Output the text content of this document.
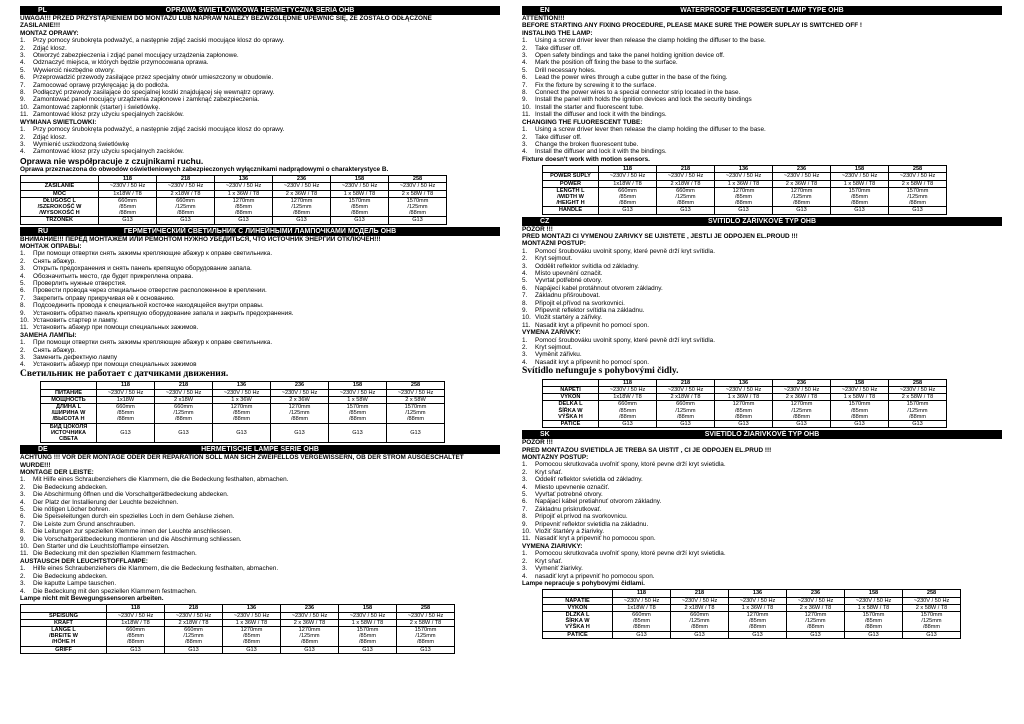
PL	OPRAWA ŚWIETLÓWKOWA HERMETYCZNA SERIA OHB
UWAGA!!! PRZED PRZYSTĄPIENIEM DO MONTAŻU LUB NAPRAW NALEŻY BEZWZGLĘDNIE UPEWNIĆ SIĘ, ŻE ZOSTAŁO ODŁĄCZONE
ZASILANIE!!!
MONTAŻ OPRAWY:
1.	Przy pomocy śrubokręta podważyć, a następnie zdjąć zaciski mocujące klosz do oprawy.
2.	Zdjąć klosz.
3.	Otworzyć zabezpieczenia i zdjąć panel mocujący urządzenia zapłonowe.
4.	Odznaczyć miejsca, w których będzie przymocowana oprawa.
5.	Wywiercić niezbędne otwory.
6.	Przeprowadzić przewody zasilające przez specjalny otwór umieszczony w obudowie.
7.	Zamocować oprawę przykręcając ją do podłoża.
8.	Podłączyć przewody zasilające do specjalnej kostki znajdującej się wewnątrz oprawy.
9.	Zamontować panel mocujący urządzenia zapłonowe i zamknąć zabezpieczenia.
10. Zamontować zapłonnik (starter) i świetlówkę.
11. Zamontować klosz przy użyciu specjalnych zacisków.
WYMIANA ŚWIETLÓWKI:
1.	Przy pomocy śrubokręta podważyć, a następnie zdjąć zaciski mocujące klosz do oprawy.
2.	Zdjąć klosz.
3.	Wymienić uszkodzoną świetlówkę
4.	Zamontować klosz przy użyciu specjalnych zacisków.
Oprawa nie współpracuje z czujnikami ruchu.
Oprawa przeznaczona do obwodów oświetleniowych zabezpieczonych wyłącznikami nadprądowymi o charakterystyce B.
	118	218	136	236	158	258
ZASILANIE	~230V / 50 Hz	~230V / 50 Hz	~230V / 50 Hz	~230V / 50 Hz	~230V / 50 Hz	~230V / 50 Hz
MOC	1x18W / T8	2 x18W / T8	1 x 36W / T8	2 x 36W / T8	1 x 58W / T8	2 x 58W / T8
DŁUGOŚĆ L
/SZEROKOŚĆ W
/WYSOKOŚĆ H	660mm
/85mm
/88mm	660mm
/125mm
/88mm	1270mm
/85mm
/88mm	1270mm
/125mm
/88mm	1570mm
/85mm
/88mm	1570mm
/125mm
/88mm
TRZONEK	G13	G13	G13	G13	G13	G13
RU	ГЕРМЕТИЧЕСКИЙ СВЕТИЛЬНИК С ЛИНЕЙНЫМИ ЛАМПОЧКАМИ МОДЕЛЬ OHB
ВНИМАНИЕ!!! ПЕРЕД МОНТАЖЕМ ИЛИ РЕМОНТОМ НУЖНО УБЕДИТЬСЯ, ЧТО ИСТОЧНИК ЭНЕРГИИ ОТКЛЮЧЕН!!!
МОНТАЖ ОПРАВЫ:
1.	При помощи отвертки снять зажимы крепляющие абажур к оправе светильника.
2.	Снять абажур.
3.	Открыть предохранения и снять панель крепящую оборудование запала.
4.	Обозначитьить место, где будет прикреплена оправа.
5.	Проверлить нужные отверстия.
6.	Провести провода через специальное отверстие расположенное в креплении.
7.	Закрепить оправу прикручивая её к основанию.
8.	Подсоединить провода к специальной косточке находящейся внутри оправы.
9.	Установить обратно панель крепящую оборудование запала и закрыть предохранения.
10. Установить стартер и лампу.
11. Установить абажур при помощи специальных зажимов.
ЗАМЕНА ЛАМПЫ:
1.	При помощи отвертки снять зажимы крепляющие абажур к оправе светильника.
2.	Снять абажур.
3.	Заменить дефектную лампу
4.	Установить абажур при помощи специальных зажимов
Светильник не работает с датчиками движения.
	118	218	136	236	158	258
ПИТАНИЕ	~230V / 50 Hz	~230V / 50 Hz	~230V / 50 Hz	~230V / 50 Hz	~230V / 50 Hz	~230V / 50 Hz
МОЩНОСТЬ	1x18W	2 x18W	1 x 36W	2 x 36W	1 x 58W	2 x 58W
ДЛИНА L
/ШИРИНА W
/ВЫСОТА H	660mm
/85mm
/88mm	660mm
/125mm
/88mm	1270mm
/85mm
/88mm	1270mm
/125mm
/88mm	1570mm
/85mm
/88mm	1570mm
/125mm
/88mm
БИД ЦОКОЛЯ
ИСТОЧНИКА
СВЕТА	G13	G13	G13	G13	G13	G13
DE	HERMETISCHE LAMPE SERIE OHB
ACHTUNG !!! VOR DER MONTAGE ODER DER REPARATION SOLL MAN SICH ZWEIFELLOS VERGEWISSERN, OB DER STROM AUSGESCHALTET
WURDE!!!
MONTAGE DER LEISTE:
1.	Mit Hilfe eines Schraubenziehers die Klammern, die die Bedeckung festhalten, abmachen.
2.	Die Bedeckung abdecken.
3.	Die Abschirmung öffnen und die Vorschaltgerätbedeckung abdecken.
4.	Der Platz der Installierung der Leuchte bezeichnen.
5.	Die nötigen Löcher bohren.
6.	Die Speiseleitungen durch ein spezielles Loch in dem Gehäuse ziehen.
7.	Die Leiste zum Grund anschrauben.
8.	Die Leitungen zur speziellen Klemme innen der Leuchte anschliessen.
9.	Die Vorschaltgerätbedeckung montieren und die Abschirmung schliessen.
10. Den Starter und die Leuchtstofflampe einsetzen.
11. Die Bedeckung mit den speziellen Klammern festmachen.
AUSTAUSCH DER LEUCHTSTOFFLAMPE:
1.	Hilfe eines Schraubenziehers die Klammern, die die Bedeckung festhalten, abmachen.
2.	Die Bedeckung abdecken.
3.	Die kaputte Lampe tauschen.
4.	Die Bedeckung mit den speziellen Klammern festmachen.
Lampe nicht mit Bewegungssensoren arbeiten.
	118	218	136	236	158	258
SPEISUNG	~230V / 50 Hz	~230V / 50 Hz	~230V / 50 Hz	~230V / 50 Hz	~230V / 50 Hz	~230V / 50 Hz
KRAFT	1x18W / T8	2 x18W / T8	1 x 36W / T8	2 x 36W / T8	1 x 58W / T8	2 x 58W / T8
LÄNGE L
/BREITE W
/HÖHE H	660mm
/85mm
/88mm	660mm
/125mm
/88mm	1270mm
/85mm
/88mm	1270mm
/125mm
/88mm	1570mm
/85mm
/88mm	1570mm
/125mm
/88mm
GRIFF	G13	G13	G13	G13	G13	G13
EN	WATERPROOF FLUORESCENT LAMP TYPE OHB
ATTENTION!!!
BEFORE STARTING ANY FIXING PROCEDURE, PLEASE MAKE SURE THE POWER SUPLAY IS SWITCHED OFF !
INSTALING THE LAMP:
1.	Using a screw driver lever then release the clamp holding the diffuser to the base.
2.	Take diffuser off.
3.	Open safety bindings and take the panel holding ignition device off.
4.	Mark the position off fixing the base to the surface.
5.	Drill necessary holes.
6.	Lead the power wires through a cube gutter in the base of the fixing.
7.	Fix the fixture by screwing it to the surface.
8.	Connect the power wires to a special connector strip located in the base.
9.	Install the panel with holds the ignition devices and lock the security bindings
10. Install the starter and fluorescent tube.
11. Install the diffuser and lock it with the bindings.
CHANGING THE FLUORESCENT TUBE:
1.	Using a screw driver lever then release the clamp holding the diffuser to the base.
2.	Take diffuser off.
3.	Change the broken fluorescent tube.
4.	Install the diffuser and lock it with the bindings.
Fixture doesn't work with motion sensors.
	118	218	136	236	158	258
POWER SUPLY	~230V / 50 Hz	~230V / 50 Hz	~230V / 50 Hz	~230V / 50 Hz	~230V / 50 Hz	~230V / 50 Hz
POWER	1x18W / T8	2 x18W / T8	1 x 36W / T8	2 x 36W / T8	1 x 58W / T8	2 x 58W / T8
LENGTH L
/WIDTH W
/HEIGHT H	660mm
/85mm
/88mm	660mm
/125mm
/88mm	1270mm
/85mm
/88mm	1270mm
/125mm
/88mm	1570mm
/85mm
/88mm	1570mm
/125mm
/88mm
HANDLE	G13	G13	G13	G13	G13	G13
CZ	SVITIDLO ZÁŘIVKOVÉ TYP OHB
POZOR !!!
PŘED MONTÁŽÍ ČI VÝMĚNOU ZÁŘIVKY SE UJISTĚTE , JESTLI JE ODPOJEN EL.PROUD !!!
MONTÁŽNÍ POSTUP:
1.	Pomocí šroubováku uvolnit spony, které pevně drží kryt svítidla.
2.	Kryt sejmout.
3.	Oddělit reflektor svítidla od základny.
4.	Místo upevnění označit.
5.	Vyvrtat potřebné otvory.
6.	Napájecí kabel protáhnout otvorem základny.
7.	Základnu přišroubovat.
8.	Připojit el.přívod na svorkovnici.
9.	Připevnit reflektor svítidla na základnu.
10. Vložit startéry a zářivky.
11. Nasadit kryt a připevnit ho pomocí spon.
VÝMĚNA ZÁŘIVKY:
1.	Pomocí šroubováku uvolnit spony, které pevně drží kryt svítidla.
2.	Kryt sejmout.
3.	Vyměnit zářivku.
4.	Nasadit kryt a připevnit ho pomocí spon.
Svítidlo nefunguje s pohybovými čidly.
	118	218	136	236	158	258
NAPĚTÍ	~230V / 50 Hz	~230V / 50 Hz	~230V / 50 Hz	~230V / 50 Hz	~230V / 50 Hz	~230V / 50 Hz
VÝKON	1x18W / T8	2 x18W / T8	1 x 36W / T8	2 x 36W / T8	1 x 58W / T8	2 x 58W / T8
DÉLKA L
ŠÍŘKA W
VÝŠKA H	660mm
/85mm
/88mm	660mm
/125mm
/88mm	1270mm
/85mm
/88mm	1270mm
/125mm
/88mm	1570mm
/85mm
/88mm	1570mm
/125mm
/88mm
PATICE	G13	G13	G13	G13	G13	G13
SK	SVIETIDLO ŽIARIVKOVÉ TYP OHB
POZOR !!!
PRED MONTÁŽOU SVIETIDLA JE TREBA SA UISTIŤ , ČI JE ODPOJEN EL.PRÚD !!!
MONTÁŽNY POSTUP:
1.	Pomocou skrutkovača uvoľniť spony, ktoré pevne drží kryt svietidla.
2.	Kryt sňať.
3.	Oddeliť reflektor svietidla od základny.
4.	Miesto upevnenie označiť.
5.	Vyvŕtať potrebné otvory.
6.	Napájací kábel pretiahnuť otvorom základny.
7.	Základnu priskrutkovať.
8.	Pripojiť el.prívod na svorkovnicu.
9.	Pripevniť reflektor svietidla na základnu.
10. Vložiť štartéry a žiarivky.
11. Nasadiť kryt a pripevniť ho pomocou spon.
VÝMENA ŽIARIVKY:
1.	Pomocou skrutkovača uvoľniť spony, ktoré pevne drží kryt svietidla.
2.	Kryt sňať.
3.	Vymeniť žiarivky.
4.	nasadiť kryt a pripevniť ho pomocou spon.
Lampe nepracuje s pohybovými čidlami.
	118	218	136	236	158	258
NAPÄTIE	~230V / 50 Hz	~230V / 50 Hz	~230V / 50 Hz	~230V / 50 Hz	~230V / 50 Hz	~230V / 50 Hz
VÝKON	1x18W / T8	2 x18W / T8	1 x 36W / T8	2 x 36W / T8	1 x 58W / T8	2 x 58W / T8
DĹŽKA L
ŠÍRKA W
VÝŠKA H	660mm
/85mm
/88mm	660mm
/125mm
/88mm	1270mm
/85mm
/88mm	1270mm
/125mm
/88mm	1570mm
/85mm
/88mm	1570mm
/125mm
/88mm
PÄTICE	G13	G13	G13	G13	G13	G13
